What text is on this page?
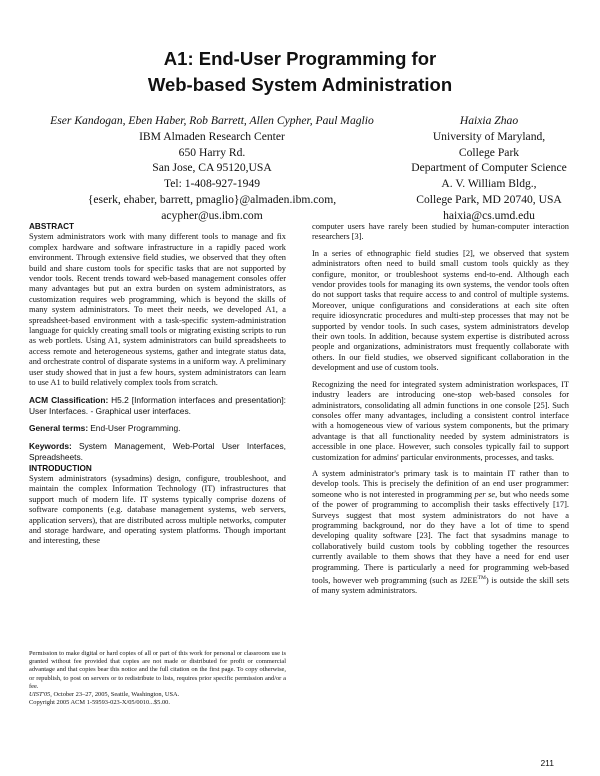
A1: End-User Programming for
Web-based System Administration
Eser Kandogan, Eben Haber, Rob Barrett, Allen Cypher, Paul Maglio
IBM Almaden Research Center
650 Harry Rd.
San Jose, CA 95120,USA
Tel: 1-408-927-1949
{eserk, ehaber, barrett, pmaglio}@almaden.ibm.com,
acypher@us.ibm.com
Haixia Zhao
University of Maryland,
College Park
Department of Computer Science
A. V. William Bldg.,
College Park, MD 20740, USA
haixia@cs.umd.edu

ABSTRACT

System administrators work with many different tools to manage and fix complex hardware and software infrastructure in a rapidly paced work environment. Through extensive field studies, we observed that they often build and share custom tools for specific tasks that are not supported by vendor tools. Recent trends toward web-based management consoles offer many advantages but put an extra burden on system administrators, as customization requires web programming, which is beyond the skills of many system administrators. To meet their needs, we developed A1, a spreadsheet-based environment with a task-specific system-administration language for quickly creating small tools or migrating existing scripts to run as web portlets. Using A1, system administrators can build spreadsheets to access remote and heterogeneous systems, gather and integrate status data, and orchestrate control of disparate systems in a uniform way. A preliminary user study showed that in just a few hours, system administrators can learn to use A1 to build relatively complex tools from scratch.

ACM Classification: H5.2 [Information interfaces and presentation]: User Interfaces. - Graphical user interfaces.

General terms: End-User Programming.

Keywords: System Management, Web-Portal User Interfaces, Spreadsheets.

INTRODUCTION

System administrators (sysadmins) design, configure, troubleshoot, and maintain the complex Information Technology (IT) infrastructures that support much of modern life. IT systems typically comprise dozens of software components (e.g. database management systems, web servers, application servers), that are distributed across multiple networks, computer and storage hardware, and operating system platforms. Though important and interesting, these

Permission to make digital or hard copies of all or part of this work for personal or classroom use is granted without fee provided that copies are not made or distributed for profit or commercial advantage and that copies bear this notice and the full citation on the first page. To copy otherwise, or republish, to post on servers or to redistribute to lists, requires prior specific permission and/or a fee.

UIST'05, October 23–27, 2005, Seattle, Washington, USA.

Copyright 2005 ACM 1-59593-023-X/05/0010...$5.00.

computer users have rarely been studied by human-computer interaction researchers [3].

In a series of ethnographic field studies [2], we observed that system administrators often need to build small custom tools quickly as they configure, monitor, or troubleshoot systems end-to-end. Although each vendor provides tools for managing its own systems, the vendor tools often do not support tasks that require access to and control of multiple systems. Moreover, unique configurations and considerations at each site often require idiosyncratic procedures and multi-step processes that may not be supported by vendor tools. In such cases, system administrators develop their own tools. In addition, because system expertise is distributed across people and organizations, administrators must frequently collaborate with others. In our field studies, we observed significant collaboration in the development and use of custom tools.

Recognizing the need for integrated system administration workspaces, IT industry leaders are introducing one-stop web-based consoles for administrators, consolidating all admin functions in one console [25]. Such consoles offer many advantages, including a consistent control interface with a homogeneous view of various system components, but the primary advantage is that all functionality needed by system administrators is accessible in one place. However, such consoles typically fail to support customization for admins' particular environments, processes, and tasks.

A system administrator's primary task is to maintain IT rather than to develop tools. This is precisely the definition of an end user programmer: someone who is not interested in programming per se, but who needs some of the power of programming to accomplish their tasks effectively [17]. Surveys suggest that most system administrators do not have a programming background, nor do they have a lot of time to spend developing quality software [23]. The fact that sysadmins manage to collaboratively build custom tools by cobbling together the resources currently available to them shows that they have a need for end user programming. There is particularly a need for programming web-based tools, however web programming (such as J2EE™) is outside the skill sets of many system administrators.

211
